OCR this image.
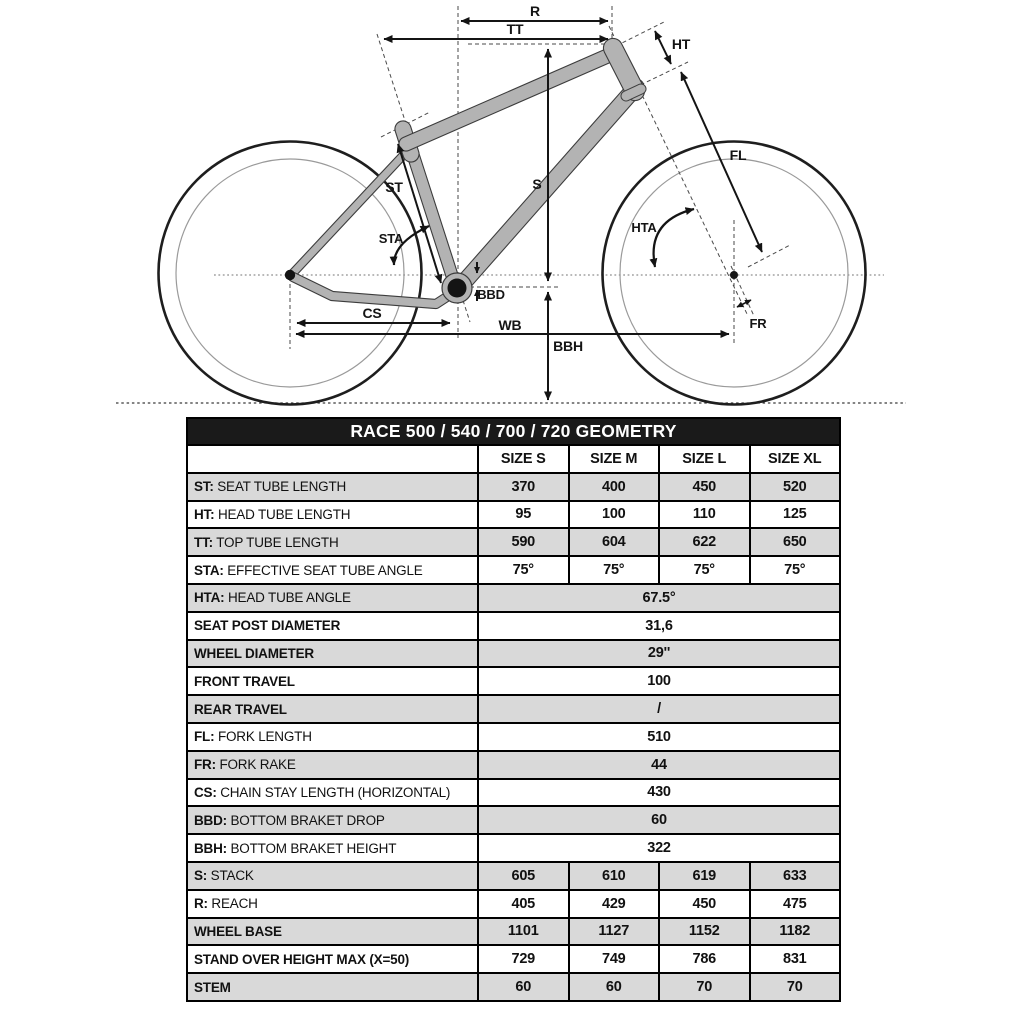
R
TT
HT
FL
ST	S
STA
HTA
BBD
CS
WB
BBH
FR
RACE 500 / 540 / 700 / 720 GEOMETRY				
	SIZE S	SIZE M	SIZE L	SIZE XL
ST: SEAT TUBE LENGTH	370	400	450	520
HT: HEAD TUBE LENGTH	95	100	110	125
TT: TOP TUBE LENGTH	590	604	622	650
STA: EFFECTIVE SEAT TUBE ANGLE	75°	75°	75°	75°
HTA: HEAD TUBE ANGLE	67.5°			
SEAT POST DIAMETER	31,6			
WHEEL DIAMETER	29''			
FRONT TRAVEL	100			
REAR TRAVEL	/			
FL: FORK LENGTH	510			
FR: FORK RAKE	44			
CS: CHAIN STAY LENGTH (HORIZONTAL)	430			
BBD: BOTTOM BRAKET DROP	60			
BBH: BOTTOM BRAKET HEIGHT	322			
S: STACK	605	610	619	633
R: REACH	405	429	450	475
WHEEL BASE	1101	1127	1152	1182
STAND OVER HEIGHT MAX (X=50)	729	749	786	831
STEM	60	60	70	70
